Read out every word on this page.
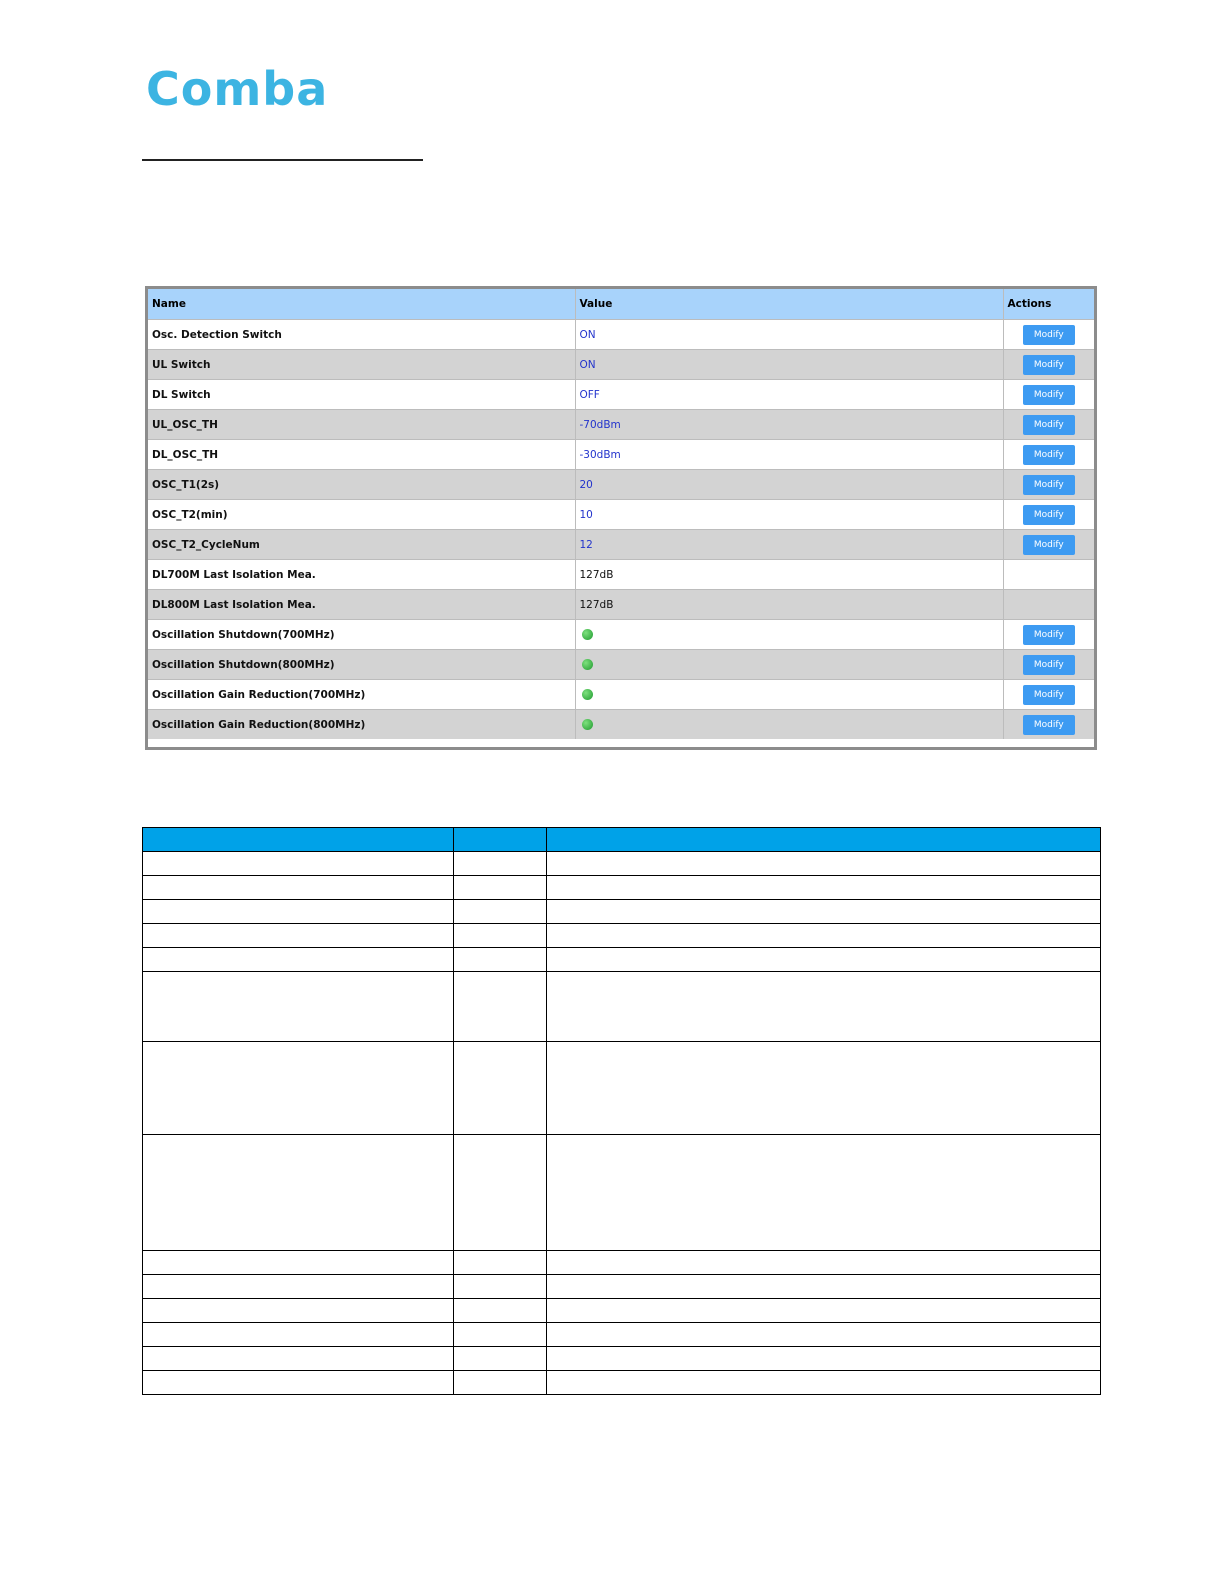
Comba
Name	Value	Actions
Osc. Detection Switch	ON	Modify
UL Switch	ON	Modify
DL Switch	OFF	Modify
UL_OSC_TH	-70dBm	Modify
DL_OSC_TH	-30dBm	Modify
OSC_T1(2s)	20	Modify
OSC_T2(min)	10	Modify
OSC_T2_CycleNum	12	Modify
DL700M Last Isolation Mea.	127dB	
DL800M Last Isolation Mea.	127dB	
Oscillation Shutdown(700MHz)		Modify
Oscillation Shutdown(800MHz)		Modify
Oscillation Gain Reduction(700MHz)		Modify
Oscillation Gain Reduction(800MHz)		Modify
